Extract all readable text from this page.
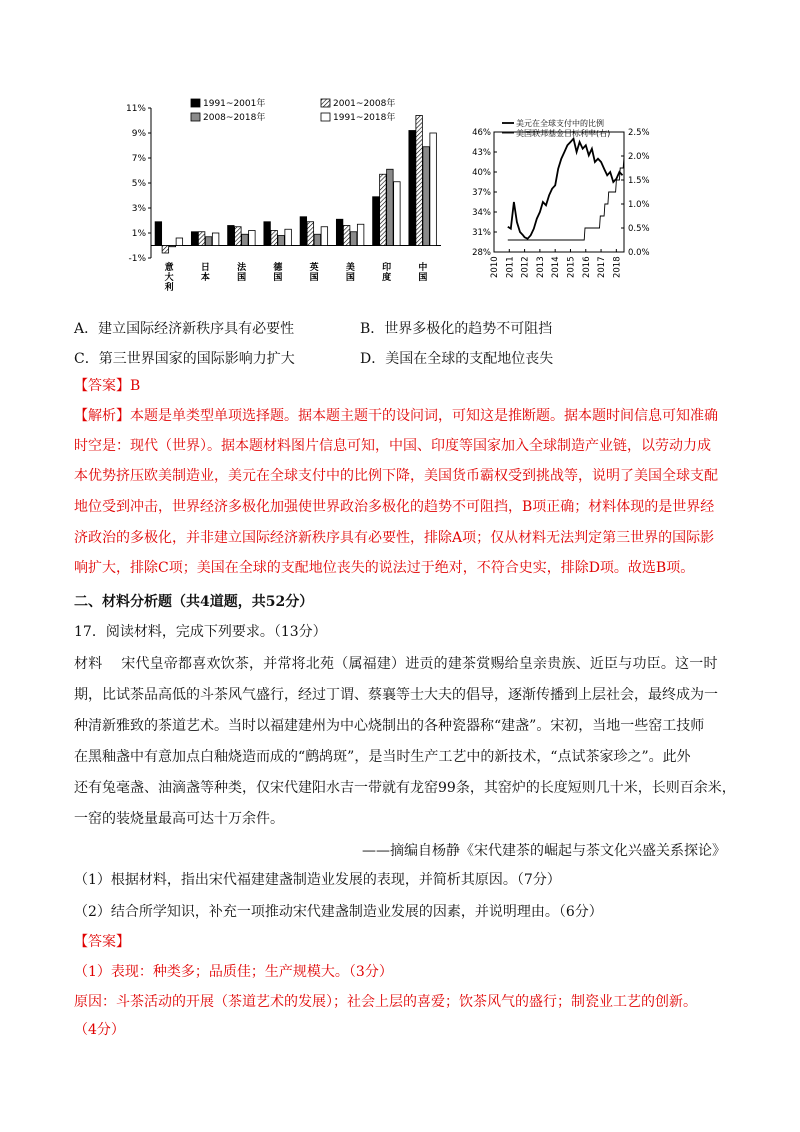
11%
9%
7%
5%
3%
1%
-1%
1991~2001年	2001~2008年
2008~2018年	1991~2018年
意大利
日本
法国
德国
英国
美国
印度
中国
46%
43%
40%
37%
34%
31%
28%
2.5%
2.0%
1.5%
1.0%
0.5%
0.0%
2010 2011 2012 2013 2014 2015 2016 2017 2018
美元在全球支付中的比例
美国联邦基金目标利率(右)
A．建立国际经济新秩序具有必要性	B．世界多极化的趋势不可阻挡
C．第三世界国家的国际影响力扩大	D．美国在全球的支配地位丧失
【答案】B
【解析】本题是单类型单项选择题。据本题主题干的设问词，可知这是推断题。据本题时间信息可知准确
时空是：现代（世界）。据本题材料图片信息可知，中国、印度等国家加入全球制造产业链，以劳动力成
本优势挤压欧美制造业，美元在全球支付中的比例下降，美国货币霸权受到挑战等，说明了美国全球支配
地位受到冲击，世界经济多极化加强使世界政治多极化的趋势不可阻挡，B项正确；材料体现的是世界经
济政治的多极化，并非建立国际经济新秩序具有必要性，排除A项；仅从材料无法判定第三世界的国际影
响扩大，排除C项；美国在全球的支配地位丧失的说法过于绝对，不符合史实，排除D项。故选B项。
二、材料分析题（共4道题，共52分）
17．阅读材料，完成下列要求。（13分）
材料　 宋代皇帝都喜欢饮茶，并常将北苑（属福建）进贡的建茶赏赐给皇亲贵族、近臣与功臣。这一时
期，比试茶品高低的斗茶风气盛行，经过丁谓、蔡襄等士大夫的倡导，逐渐传播到上层社会，最终成为一
种清新雅致的茶道艺术。当时以福建建州为中心烧制出的各种瓷器称“建盏”。宋初，当地一些窑工技师
在黑釉盏中有意加点白釉烧造而成的“鹧鸪斑”，是当时生产工艺中的新技术，“点试茶家珍之”。此外
还有兔毫盏、油滴盏等种类，仅宋代建阳水吉一带就有龙窑99条，其窑炉的长度短则几十米，长则百余米，
一窑的装烧量最高可达十万余件。
——摘编自杨静《宋代建茶的崛起与茶文化兴盛关系探论》
（1）根据材料，指出宋代福建建盏制造业发展的表现，并简析其原因。（7分）
（2）结合所学知识，补充一项推动宋代建盏制造业发展的因素，并说明理由。（6分）
【答案】
（1）表现：种类多；品质佳；生产规模大。（3分）
原因：斗茶活动的开展（茶道艺术的发展）；社会上层的喜爱；饮茶风气的盛行；制瓷业工艺的创新。
（4分）
